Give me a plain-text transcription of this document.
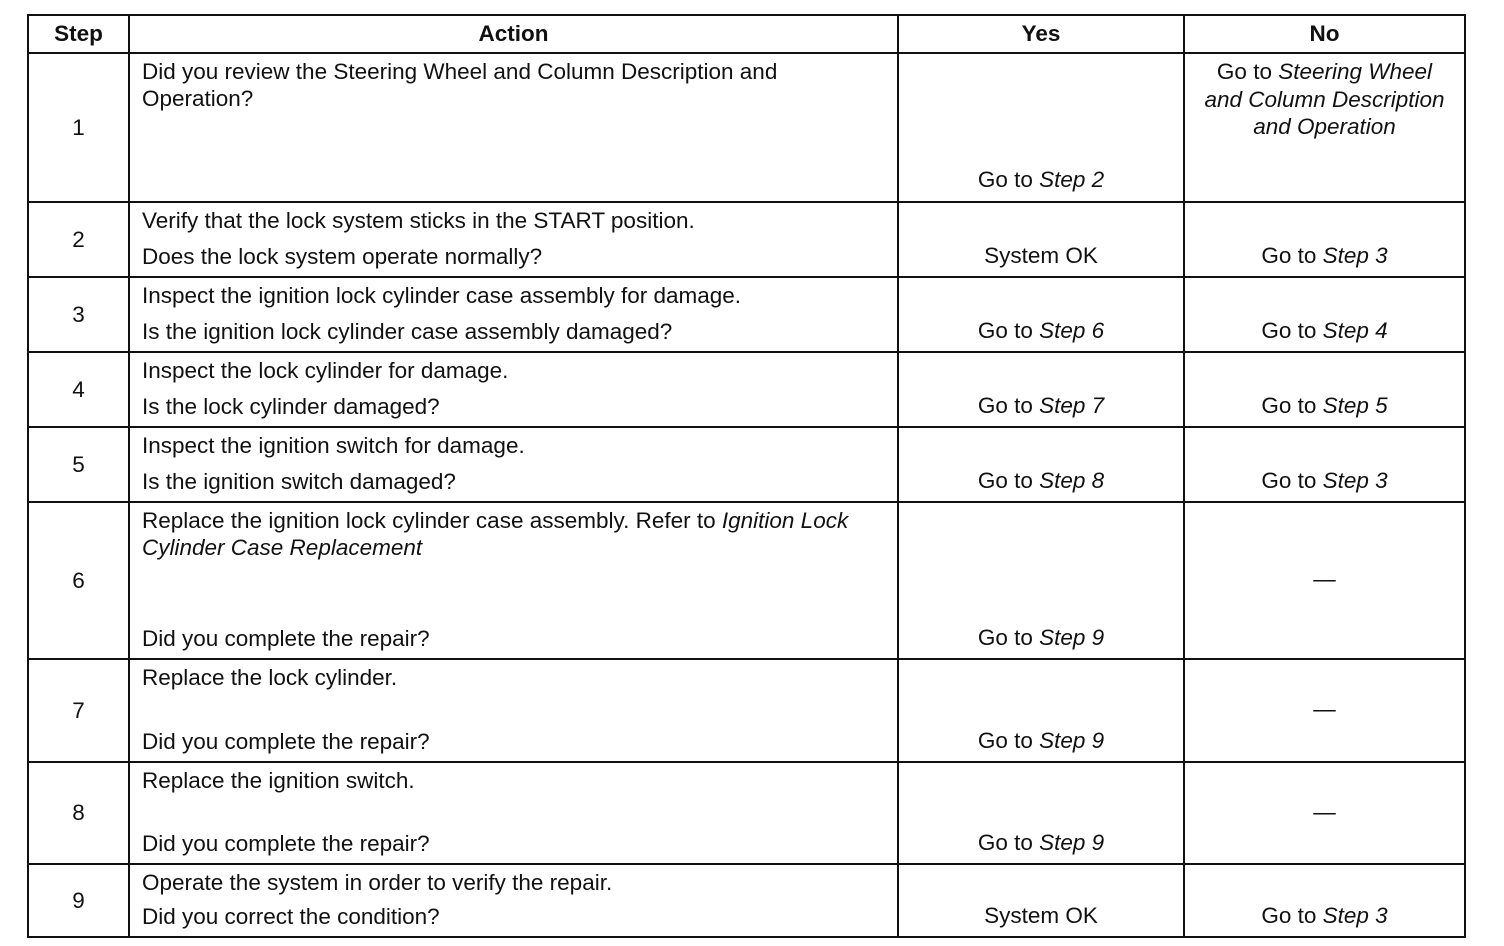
Step	Action	Yes	No
1	Did you review the Steering Wheel and Column Description and Operation?	Go to Step 2	Go to Steering Wheel and Column Description and Operation

2	Verify that the lock system sticks in the START position.
Does the lock system operate normally?	System OK	Go to Step 3

3	Inspect the ignition lock cylinder case assembly for damage.
Is the ignition lock cylinder case assembly damaged?	Go to Step 6	Go to Step 4

4	Inspect the lock cylinder for damage.
Is the lock cylinder damaged?	Go to Step 7	Go to Step 5

5	Inspect the ignition switch for damage.
Is the ignition switch damaged?	Go to Step 8	Go to Step 3

6	Replace the ignition lock cylinder case assembly. Refer to Ignition Lock Cylinder Case Replacement
Did you complete the repair?	Go to Step 9	—

7	Replace the lock cylinder.
Did you complete the repair?	Go to Step 9	—

8	Replace the ignition switch.
Did you complete the repair?	Go to Step 9	—

9	Operate the system in order to verify the repair.
Did you correct the condition?	System OK	Go to Step 3
